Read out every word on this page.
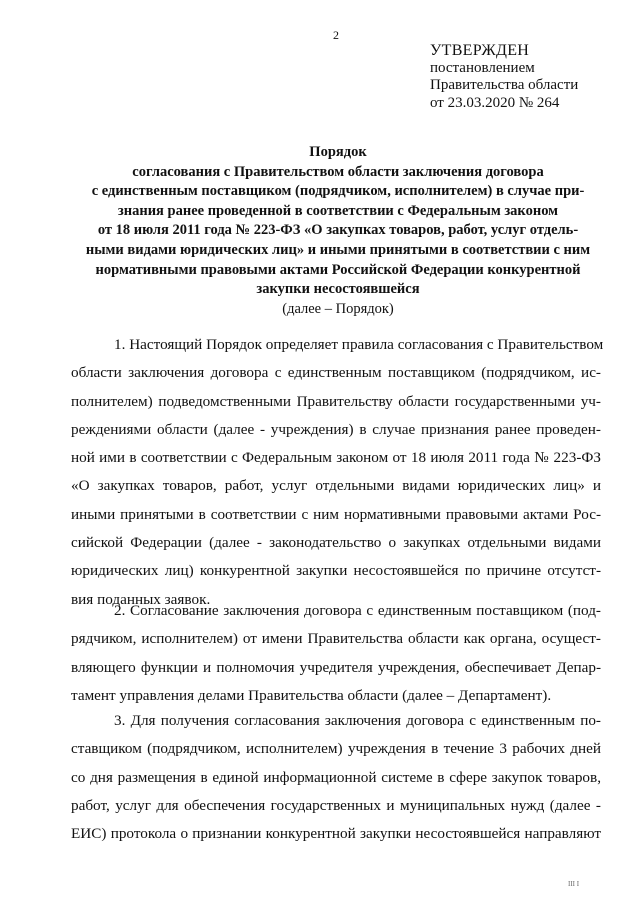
2
УТВЕРЖДЕН
постановлением
Правительства области
от 23.03.2020 № 264
Порядок
согласования с Правительством области заключения договора
с единственным поставщиком (подрядчиком, исполнителем) в случае при-
знания ранее проведенной в соответствии с Федеральным законом
от 18 июля 2011 года № 223-ФЗ «О закупках товаров, работ, услуг отдель-
ными видами юридических лиц» и иными принятыми в соответствии с ним
нормативными правовыми актами Российской Федерации конкурентной
закупки несостоявшейся
(далее – Порядок)
1. Настоящий Порядок определяет правила согласования с Правительством
области заключения договора с единственным поставщиком (подрядчиком, ис-
полнителем) подведомственными Правительству области государственными уч-
реждениями области (далее - учреждения) в случае признания ранее проведен-
ной ими в соответствии с Федеральным законом от 18 июля 2011 года № 223-ФЗ
«О закупках товаров, работ, услуг отдельными видами юридических лиц» и
иными принятыми в соответствии с ним нормативными правовыми актами Рос-
сийской Федерации (далее - законодательство о закупках отдельными видами
юридических лиц) конкурентной закупки несостоявшейся по причине отсутст-
вия поданных заявок.
2. Согласование заключения договора с единственным поставщиком (под-
рядчиком, исполнителем) от имени Правительства области как органа, осущест-
вляющего функции и полномочия учредителя учреждения, обеспечивает Депар-
тамент управления делами Правительства области (далее – Департамент).
3. Для получения согласования заключения договора с единственным по-
ставщиком (подрядчиком, исполнителем) учреждения в течение 3 рабочих дней
со дня размещения в единой информационной системе в сфере закупок товаров,
работ, услуг для обеспечения государственных и муниципальных нужд (далее -
ЕИС) протокола о признании конкурентной закупки несостоявшейся направляют
ІІІ І
